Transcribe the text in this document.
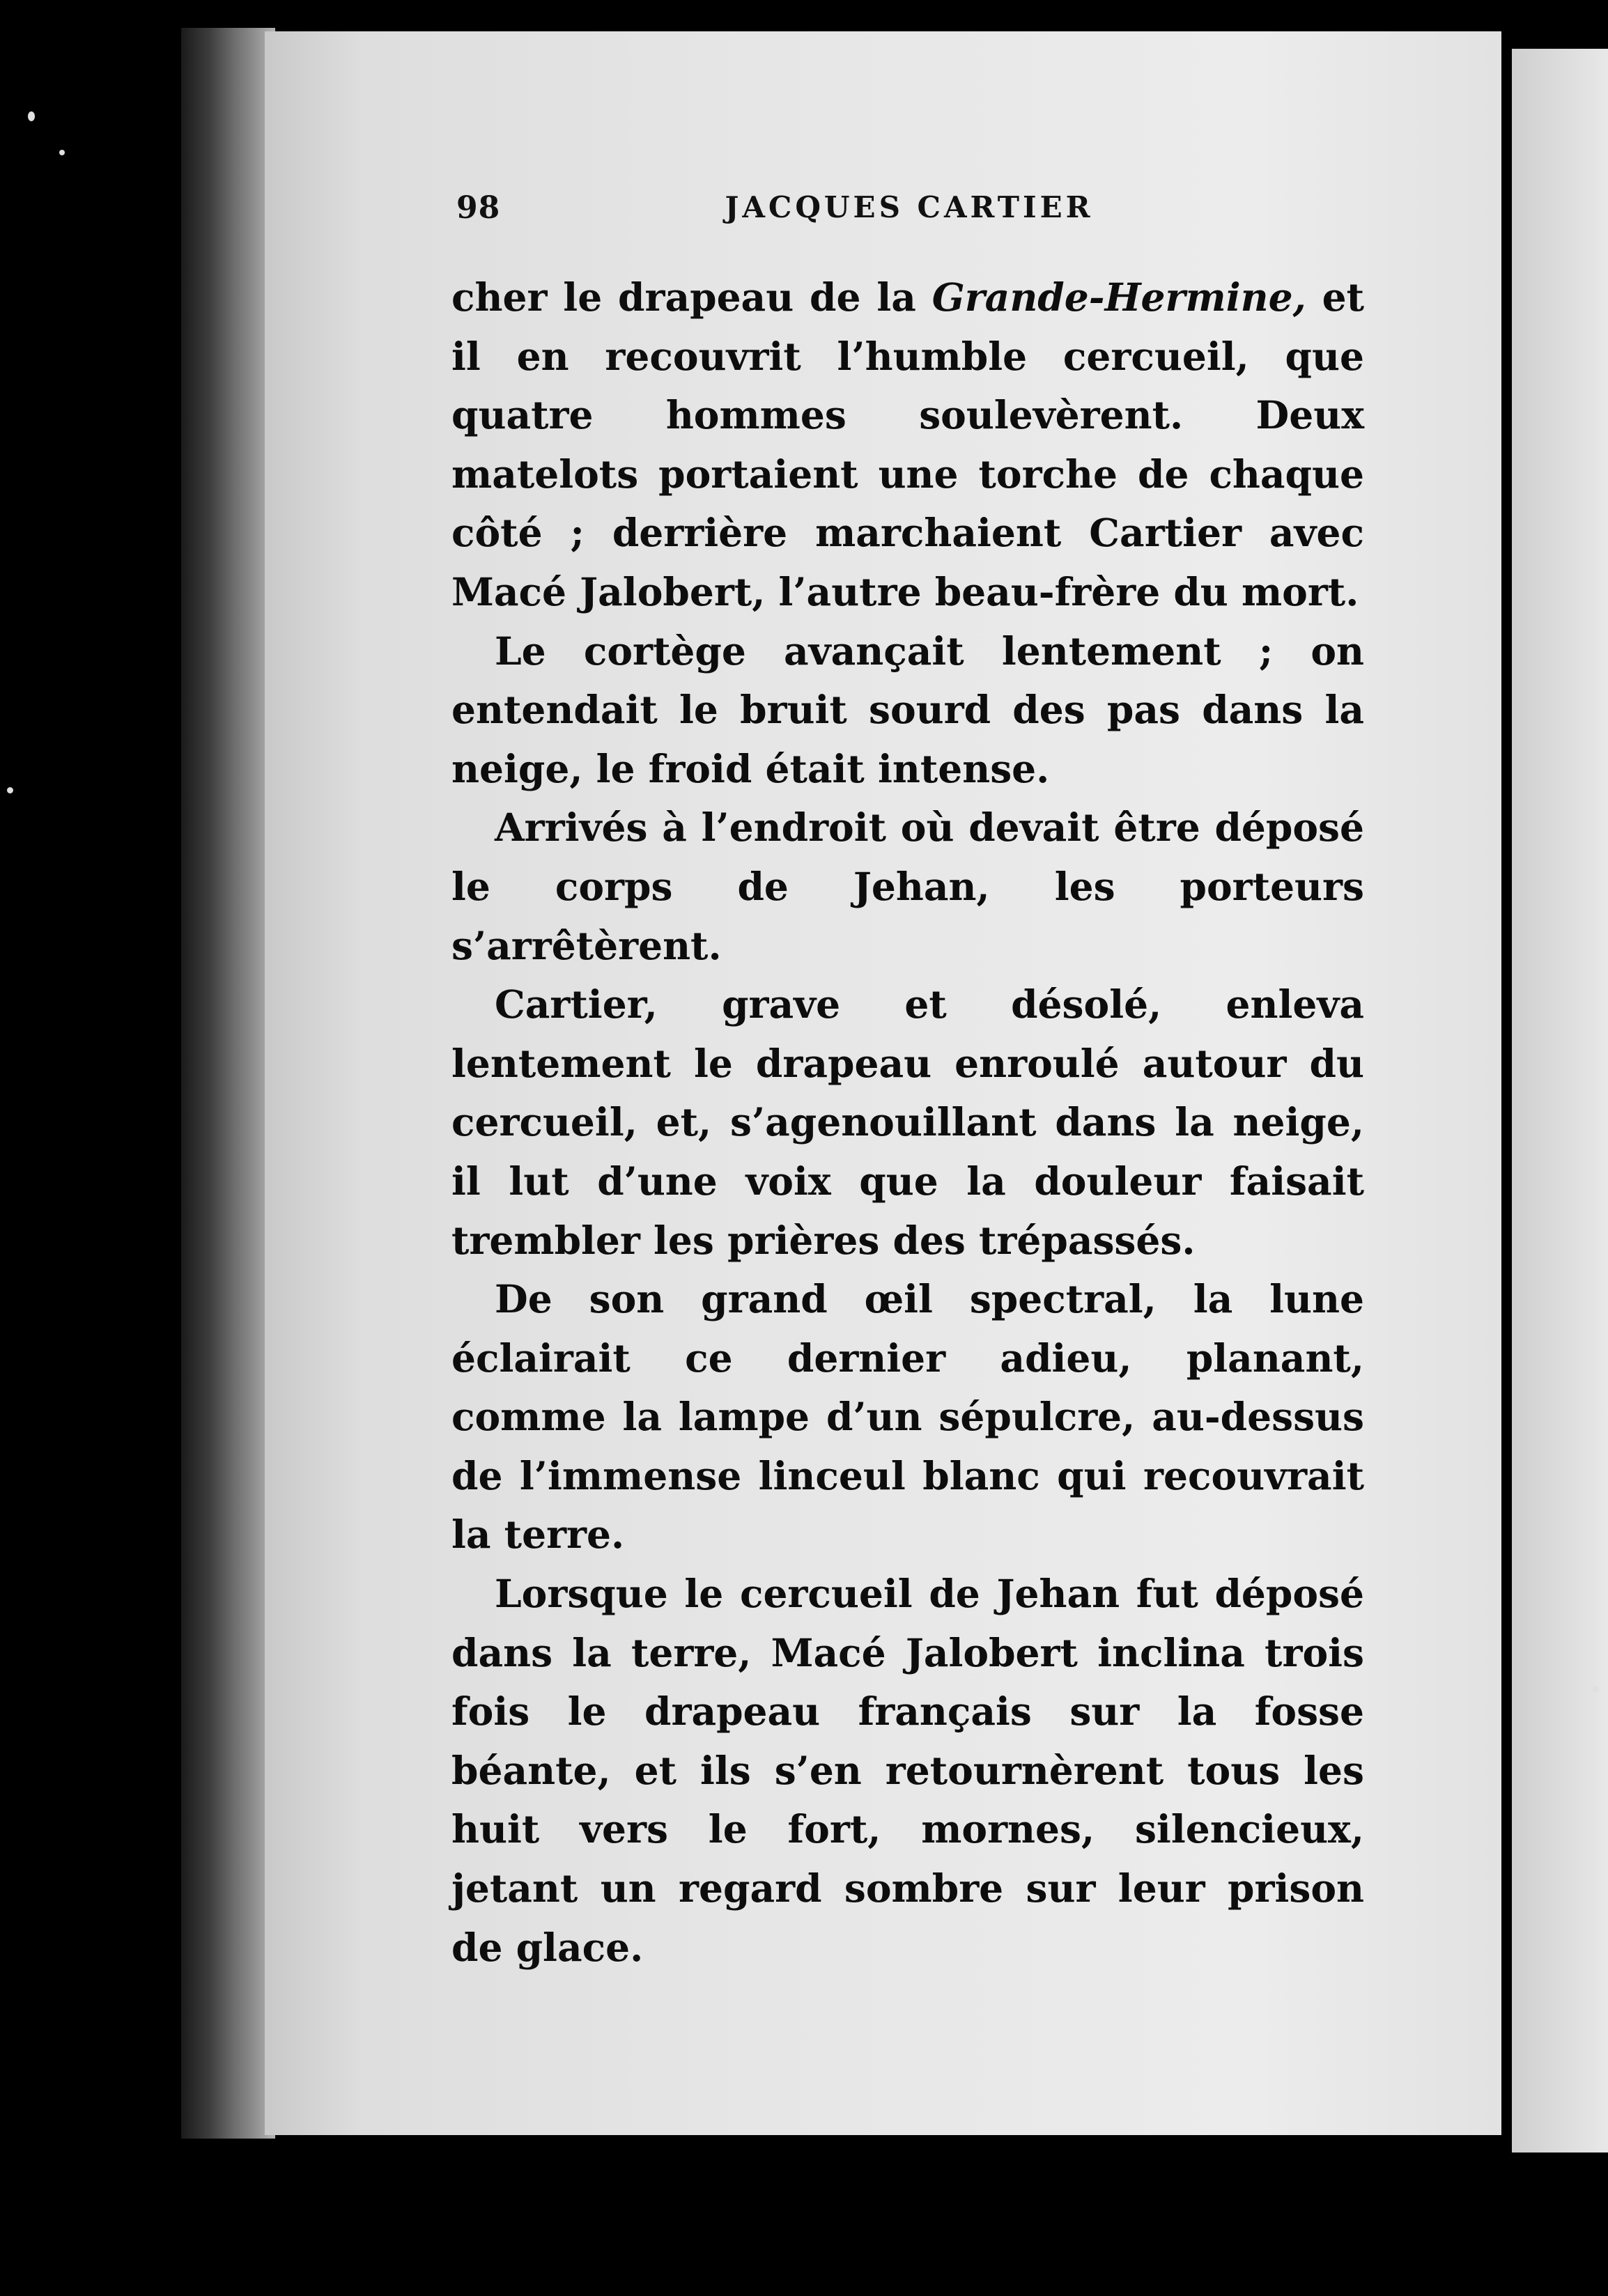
98	JACQUES CARTIER

cher le drapeau de la Grande-Hermine, et il en recouvrit l’humble cercueil, que quatre hommes soulevèrent. Deux matelots portaient une torche de chaque côté ; derrière marchaient Cartier avec Macé Jalobert, l’autre beau-frère du mort.

Le cortège avançait lentement ; on entendait le bruit sourd des pas dans la neige, le froid était intense.

Arrivés à l’endroit où devait être déposé le corps de Jehan, les porteurs s’arrêtèrent.

Cartier, grave et désolé, enleva lentement le drapeau enroulé autour du cercueil, et, s’agenouillant dans la neige, il lut d’une voix que la douleur faisait trembler les prières des trépassés.

De son grand œil spectral, la lune éclairait ce dernier adieu, planant, comme la lampe d’un sépulcre, au-dessus de l’immense linceul blanc qui recouvrait la terre.

Lorsque le cercueil de Jehan fut déposé dans la terre, Macé Jalobert inclina trois fois le drapeau français sur la fosse béante, et ils s’en retournèrent tous les huit vers le fort, mornes, silencieux, jetant un regard sombre sur leur prison de glace.
